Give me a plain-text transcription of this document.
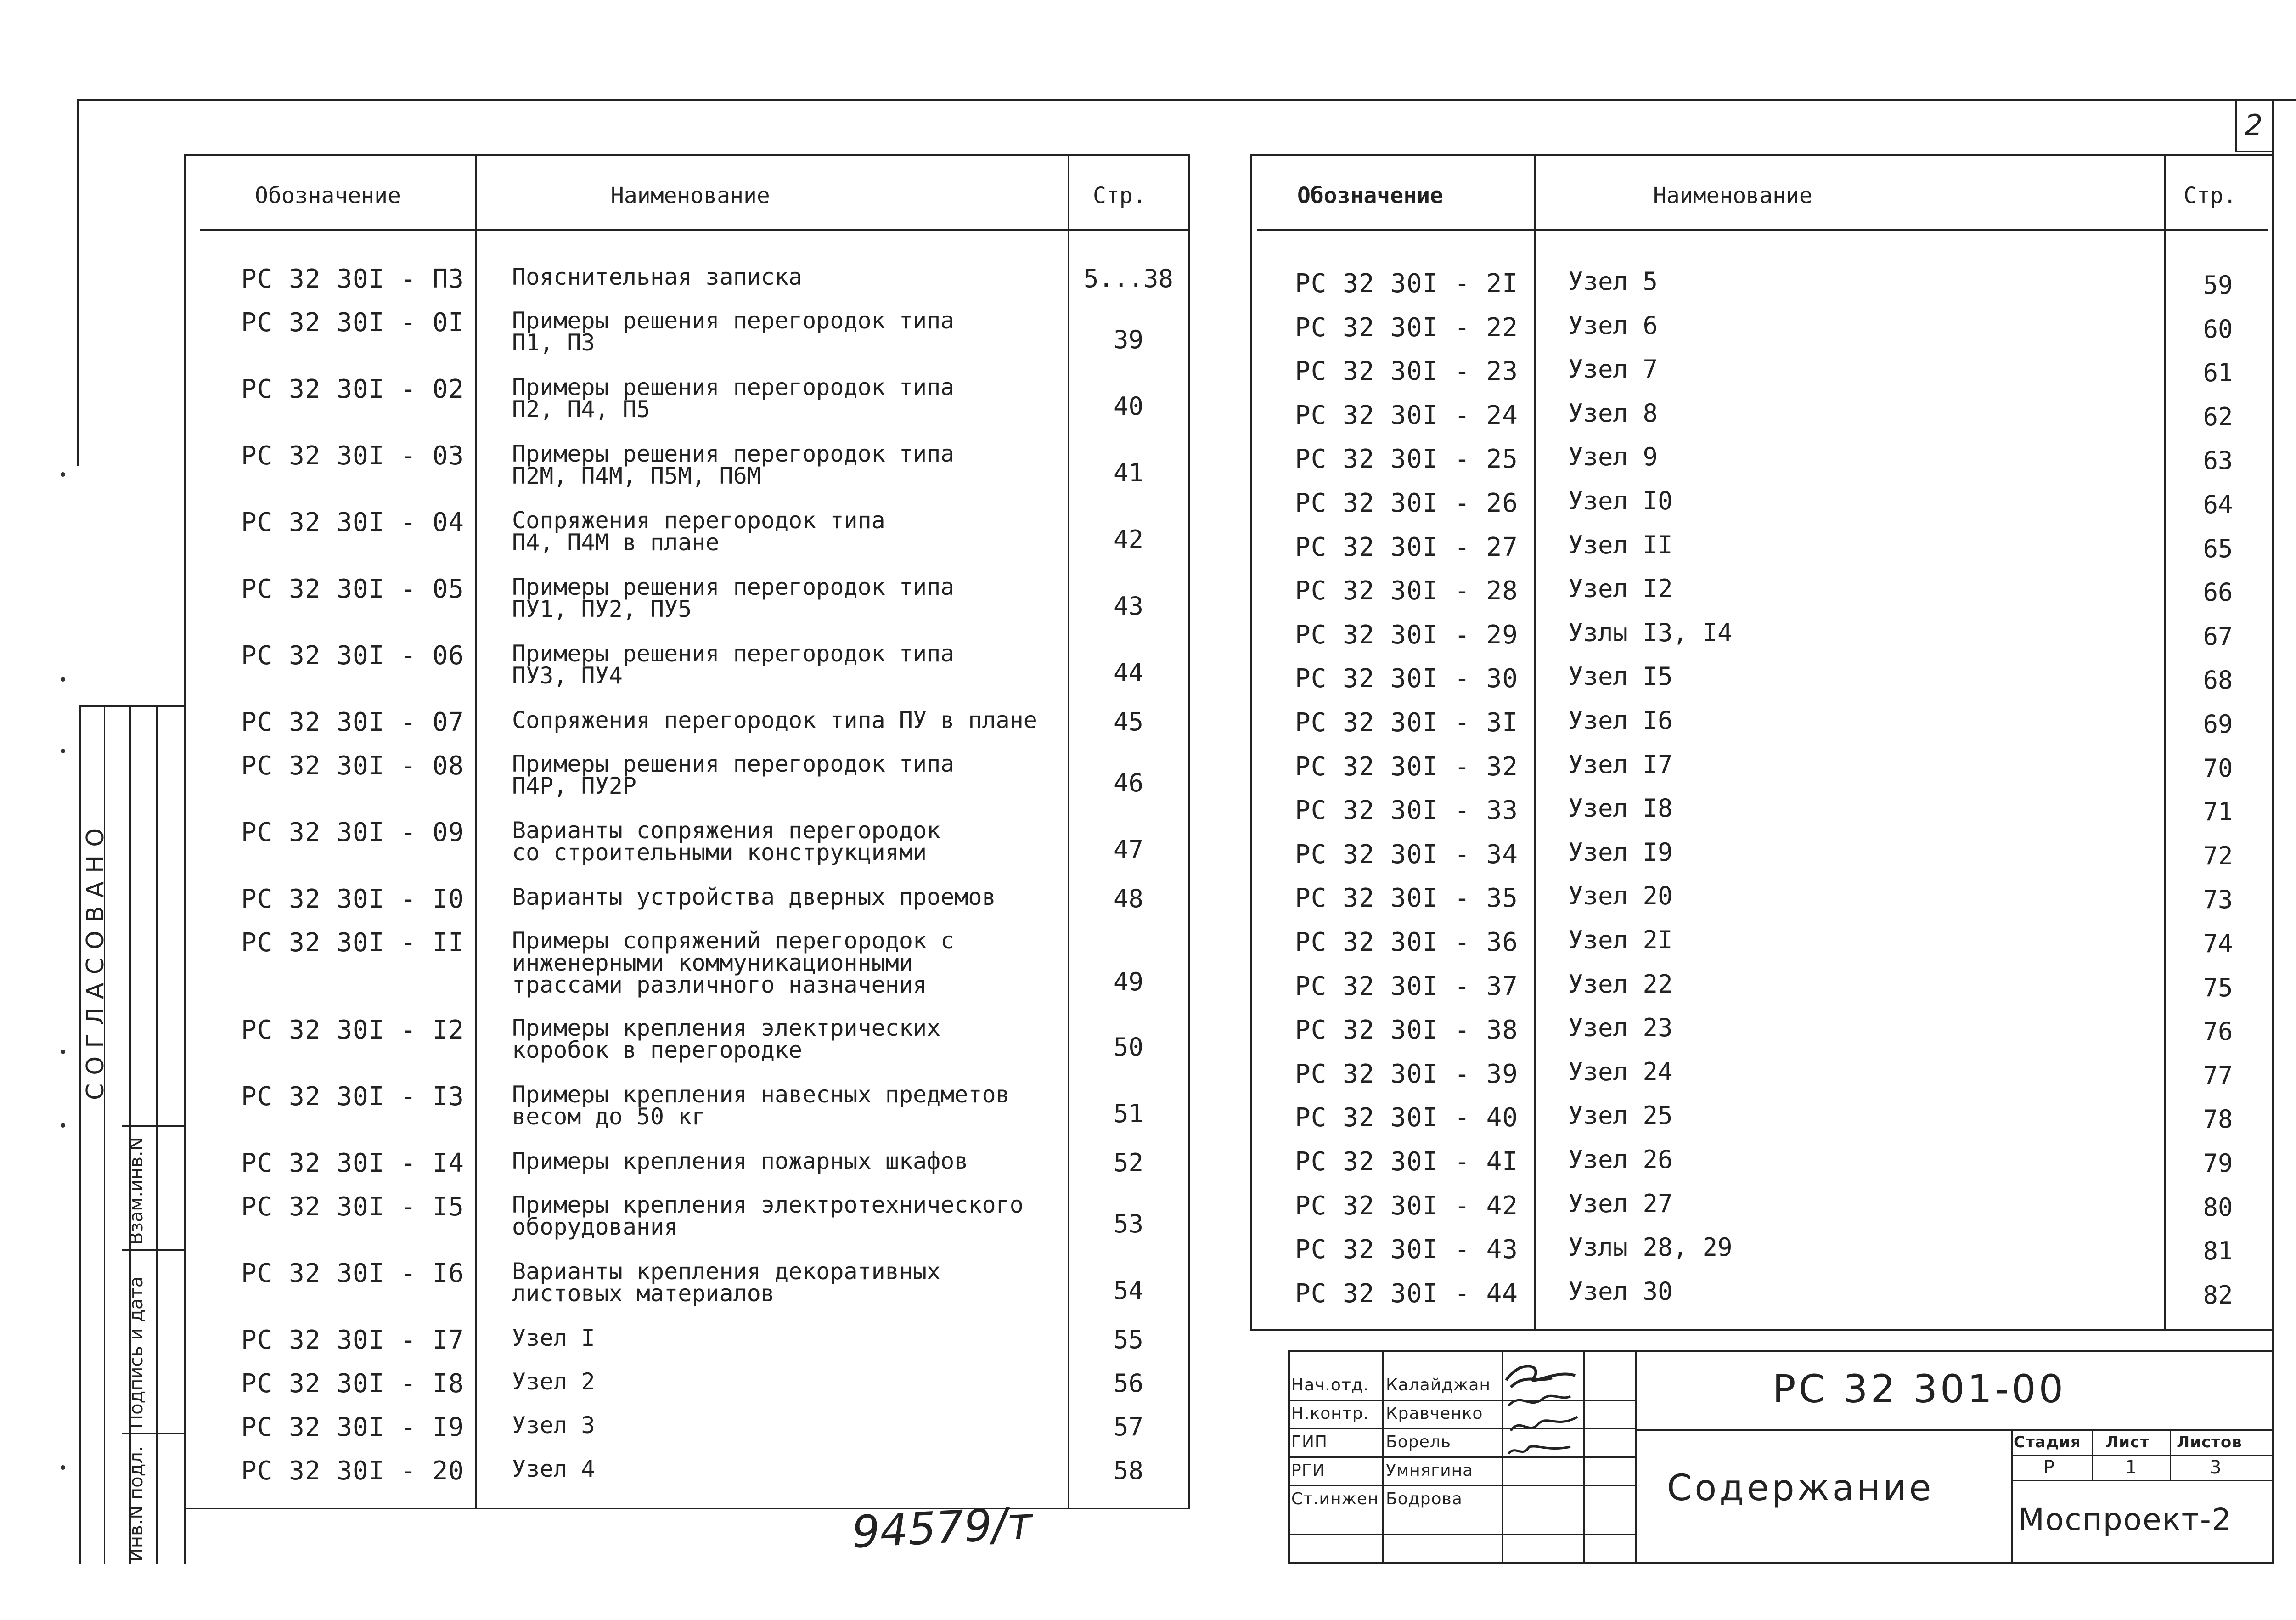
2
СОГЛАСОВАНО
Инв.N подл.
Подпись и дата
Взам.инв.N
Обозначение	Наименование	Стр.
РС 32 30I - П3 Пояснительная записка	5...38
РС 32 30I - 0I Примеры решения перегородок типа
П1, П3	39
РС 32 30I - 02 Примеры решения перегородок типа
П2, П4, П5	40
РС 32 30I - 03 Примеры решения перегородок типа
П2М, П4М, П5М, П6М	41
РС 32 30I - 04 Сопряжения перегородок типа
П4, П4М в плане	42
РС 32 30I - 05 Примеры решения перегородок типа
ПУ1, ПУ2, ПУ5	43
РС 32 30I - 06 Примеры решения перегородок типа
ПУ3, ПУ4	44
РС 32 30I - 07 Сопряжения перегородок типа ПУ в плане	45
РС 32 30I - 08 Примеры решения перегородок типа
П4Р, ПУ2Р	46
РС 32 30I - 09 Варианты сопряжения перегородок
сo строительными конструкциями	47
РС 32 30I - I0 Варианты устройства дверных проемов	48
РС 32 30I - II Примеры сопряжений перегородок с
инженерными коммуникационными
трассами различного назначения	49
РС 32 30I - I2 Примеры крепления электрических
коробок в перегородке	50
РС 32 30I - I3 Примеры крепления навесных предметов
весом до 50 кг	51
РС 32 30I - I4 Примеры крепления пожарных шкафов	52
РС 32 30I - I5 Примеры крепления электротехнического
оборудования	53
РС 32 30I - I6 Варианты крепления декоративных
листовых материалов	54
РС 32 30I - I7 Узел I	55
РС 32 30I - I8 Узел 2	56
РС 32 30I - I9 Узел 3	57
РС 32 30I - 20 Узел 4	58
Обозначение	Наименование	Стр.
РС 32 30I - 2I Узел 5	59
РС 32 30I - 22 Узел 6	60
РС 32 30I - 23 Узел 7	61
РС 32 30I - 24 Узел 8	62
РС 32 30I - 25 Узел 9	63
РС 32 30I - 26 Узел I0	64
РС 32 30I - 27 Узел II	65
РС 32 30I - 28 Узел I2	66
РС 32 30I - 29 Узлы I3, I4	67
РС 32 30I - 30 Узел I5	68
РС 32 30I - 3I Узел I6	69
РС 32 30I - 32 Узел I7	70
РС 32 30I - 33 Узел I8	71
РС 32 30I - 34 Узел I9	72
РС 32 30I - 35 Узел 20	73
РС 32 30I - 36 Узел 2I	74
РС 32 30I - 37 Узел 22	75
РС 32 30I - 38 Узел 23	76
РС 32 30I - 39 Узел 24	77
РС 32 30I - 40 Узел 25	78
РС 32 30I - 4I Узел 26	79
РС 32 30I - 42 Узел 27	80
РС 32 30I - 43 Узлы 28, 29	81
РС 32 30I - 44 Узел 30	82
94579/т
Нач.отд. Калайджан
Н.контр. Кравченко
ГИП	Борель
РГИ	Умнягина
Ст.инжен Бодрова
РС 32 301-00
Содержание
Стадия Лист Листов
Р	1	3
Моспроект-2
